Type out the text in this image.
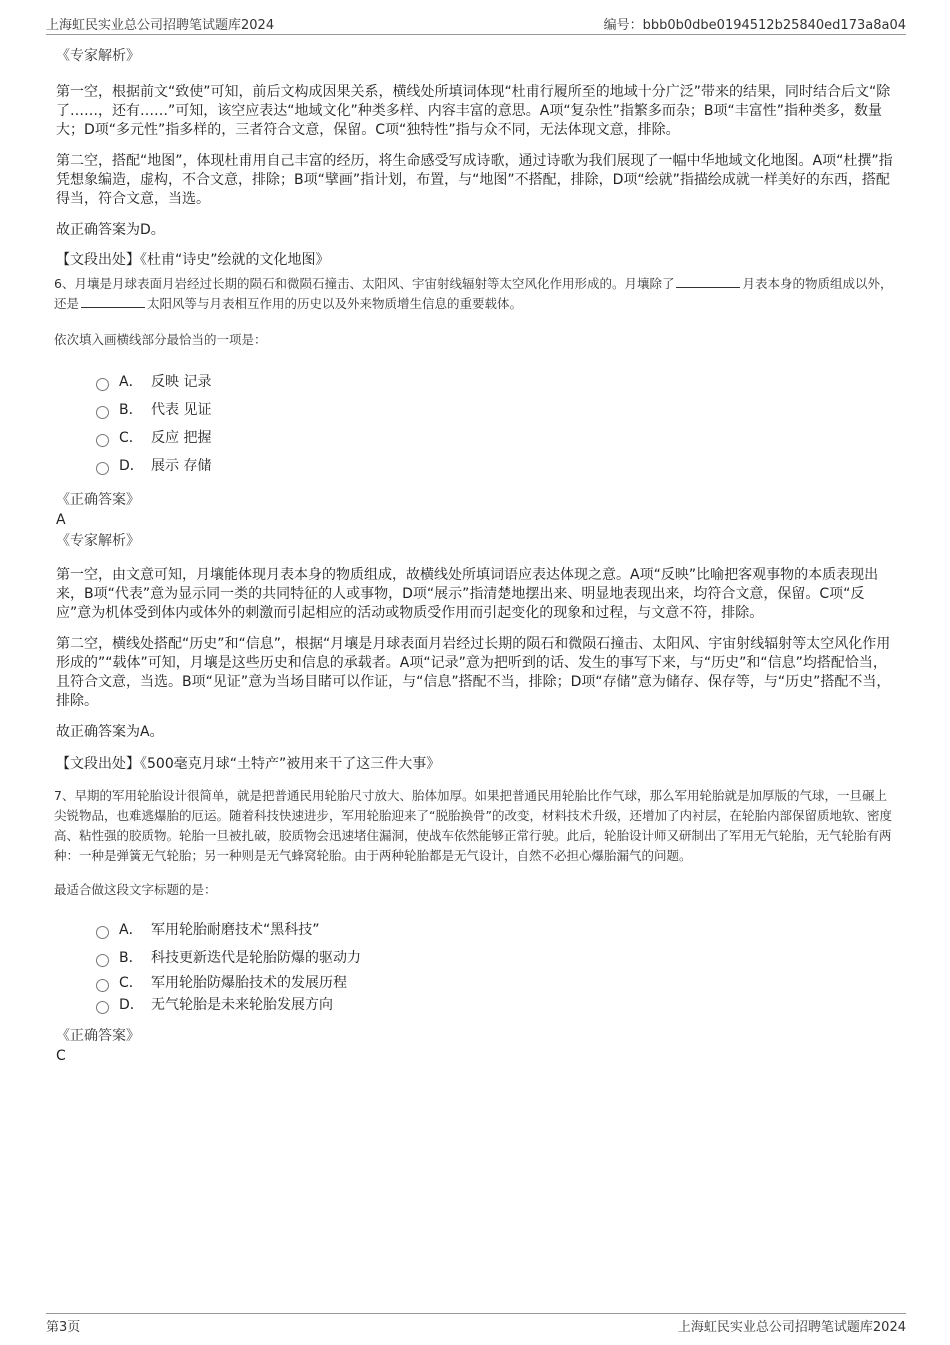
上海虹民实业总公司招聘笔试题库2024	编号：bbb0b0dbe0194512b25840ed173a8a04

《专家解析》

第一空，根据前文“致使”可知，前后文构成因果关系，横线处所填词体现“杜甫行履所至的地域十分广泛”带来的结果，同时结合后文“除了……，还有……”可知，该空应表达“地域文化”种类多样、内容丰富的意思。A项“复杂性”指繁多而杂；B项“丰富性”指种类多，数量大；D项“多元性”指多样的，三者符合文意，保留。C项“独特性”指与众不同，无法体现文意，排除。

第二空，搭配“地图”，体现杜甫用自己丰富的经历，将生命感受写成诗歌，通过诗歌为我们展现了一幅中华地域文化地图。A项“杜撰”指凭想象编造，虚构，不合文意，排除；B项“擘画”指计划，布置，与“地图”不搭配，排除，D项“绘就”指描绘成就一样美好的东西，搭配得当，符合文意，当选。

故正确答案为D。

【文段出处】《杜甫“诗史”绘就的文化地图》

6、月壤是月球表面月岩经过长期的陨石和微陨石撞击、太阳风、宇宙射线辐射等太空风化作用形成的。月壤除了	月表本身的物质组成以外，还是	太阳风等与月表相互作用的历史以及外来物质增生信息的重要载体。

依次填入画横线部分最恰当的一项是：

A． 反映 记录
B． 代表 见证
C． 反应 把握
D． 展示 存储

《正确答案》

A

《专家解析》

第一空，由文意可知，月壤能体现月表本身的物质组成，故横线处所填词语应表达体现之意。A项“反映”比喻把客观事物的本质表现出来，B项“代表”意为显示同一类的共同特征的人或事物，D项“展示”指清楚地摆出来、明显地表现出来，均符合文意，保留。C项“反应”意为机体受到体内或体外的刺激而引起相应的活动或物质受作用而引起变化的现象和过程，与文意不符，排除。

第二空，横线处搭配“历史”和“信息”，根据“月壤是月球表面月岩经过长期的陨石和微陨石撞击、太阳风、宇宙射线辐射等太空风化作用形成的”“载体”可知，月壤是这些历史和信息的承载者。A项“记录”意为把听到的话、发生的事写下来，与“历史”和“信息”均搭配恰当，且符合文意，当选。B项“见证”意为当场目睹可以作证，与“信息”搭配不当，排除；D项“存储”意为储存、保存等，与“历史”搭配不当，排除。

故正确答案为A。

【文段出处】《500毫克月球“土特产”被用来干了这三件大事》

7、早期的军用轮胎设计很简单，就是把普通民用轮胎尺寸放大、胎体加厚。如果把普通民用轮胎比作气球，那么军用轮胎就是加厚版的气球，一旦碾上尖锐物品，也难逃爆胎的厄运。随着科技快速进步，军用轮胎迎来了“脱胎换骨”的改变，材料技术升级，还增加了内衬层，在轮胎内部保留质地软、密度高、粘性强的胶质物。轮胎一旦被扎破，胶质物会迅速堵住漏洞，使战车依然能够正常行驶。此后，轮胎设计师又研制出了军用无气轮胎，无气轮胎有两种：一种是弹簧无气轮胎；另一种则是无气蜂窝轮胎。由于两种轮胎都是无气设计，自然不必担心爆胎漏气的问题。

最适合做这段文字标题的是：

A． 军用轮胎耐磨技术“黑科技”
B． 科技更新迭代是轮胎防爆的驱动力
C． 军用轮胎防爆胎技术的发展历程
D． 无气轮胎是未来轮胎发展方向

《正确答案》

C

第3页	上海虹民实业总公司招聘笔试题库2024
